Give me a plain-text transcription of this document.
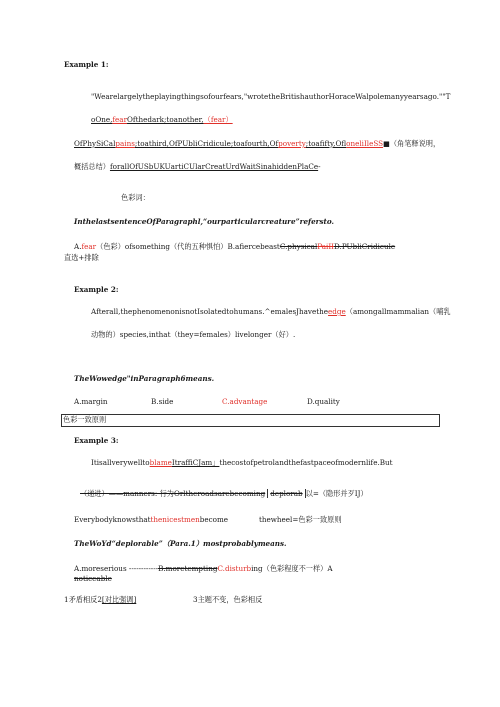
Example 1:
"Wearelargelytheplayingthingsofourfears,"wrotetheBritishauthorHoraceWalpolemanyyearsago.""T
oOne,fearOfthedark;toanother,（fear）
OfPhySiCalpains;toathird,OfPUbliCridicule;toafourth,Ofpoverty;toafifty,OfloneliIleSS■（角笔释说明，
概括总结）forallOfUSbUKUartiCUlarCreatUrdWaitSinahiddenPlaCe-
色彩词：
InthelastsentenceOfParagraphl,“ourparticularcreature”refersto.
A.fear（色彩）ofsomething（代的五种惧怕）B.afiercebeastC.physicalPaiIID.PUbliCridicule
直选+排除
Example 2:
Afterall,thephenomenonisnotIsolatedtohumans.^emalesJhavetheedge（amongallmammalian（哺乳
动物的）species,inthat（they=females）livelonger（好）.
TheWowedge"inParagraph6means.
A.margin	B.side	C.advantage	D.quality
色彩一致原则
Example 3:
ItisallverywelltoblameItraffiCJam」thecostofpetrolandthefastpaceofmodernlife.But
（递进）——manners: 行为Orltheroadsarebecoming deplorab 以=（隐形并歹IJ）
Everybodyknowsthatthenicestmenbecome	thewheel=色彩一致原则
TheWoYd“deplorable”（Para.1）mostprobablymeans.
A.moreserious ------------B.moretemptingC.disturbing（色彩程度不一样）A
noticeable
1矛盾相反2[对比强调]	3主题不变，色彩相反
